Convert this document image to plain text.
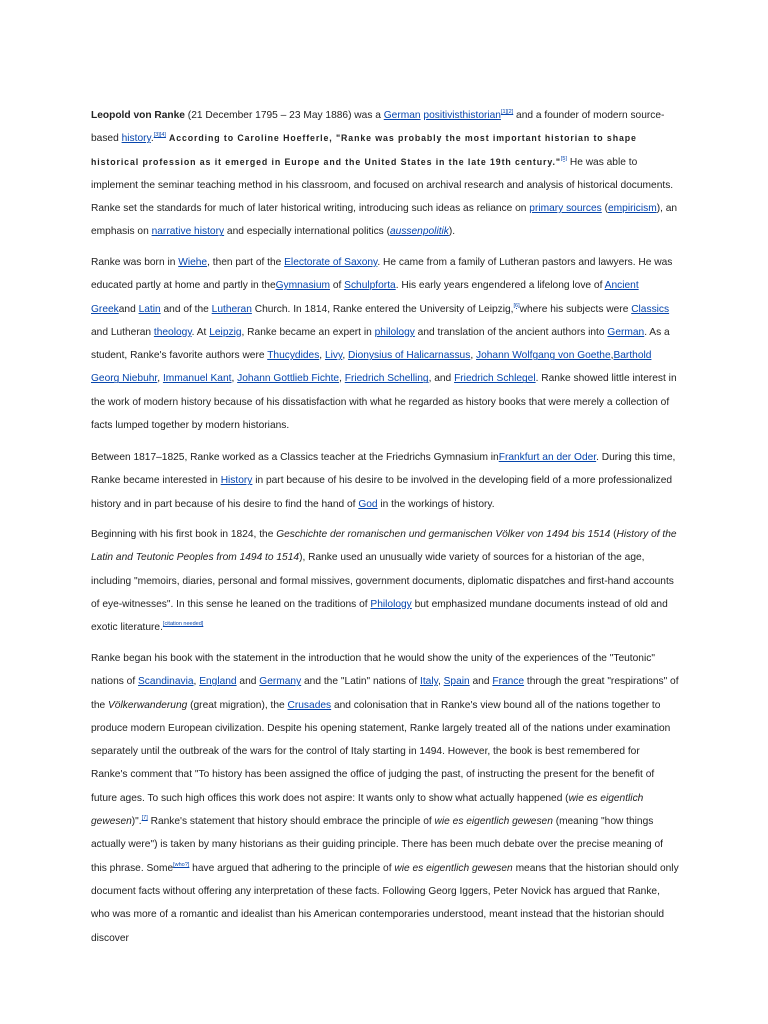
Leopold von Ranke (21 December 1795 – 23 May 1886) was a German positivisthistorian[1][2] and a founder of modern source-based history.[3][4] According to Caroline Hoefferle, "Ranke was probably the most important historian to shape historical profession as it emerged in Europe and the United States in the late 19th century."[5] He was able to implement the seminar teaching method in his classroom, and focused on archival research and analysis of historical documents. Ranke set the standards for much of later historical writing, introducing such ideas as reliance on primary sources (empiricism), an emphasis on narrative history and especially international politics (aussenpolitik).

Ranke was born in Wiehe, then part of the Electorate of Saxony. He came from a family of Lutheran pastors and lawyers. He was educated partly at home and partly in theGymnasium of Schulpforta. His early years engendered a lifelong love of Ancient Greekand Latin and of the Lutheran Church. In 1814, Ranke entered the University of Leipzig,[6]where his subjects were Classics and Lutheran theology. At Leipzig, Ranke became an expert in philology and translation of the ancient authors into German. As a student, Ranke's favorite authors were Thucydides, Livy, Dionysius of Halicarnassus, Johann Wolfgang von Goethe,Barthold Georg Niebuhr, Immanuel Kant, Johann Gottlieb Fichte, Friedrich Schelling, and Friedrich Schlegel. Ranke showed little interest in the work of modern history because of his dissatisfaction with what he regarded as history books that were merely a collection of facts lumped together by modern historians.

Between 1817–1825, Ranke worked as a Classics teacher at the Friedrichs Gymnasium inFrankfurt an der Oder. During this time, Ranke became interested in History in part because of his desire to be involved in the developing field of a more professionalized history and in part because of his desire to find the hand of God in the workings of history.

Beginning with his first book in 1824, the Geschichte der romanischen und germanischen Völker von 1494 bis 1514 (History of the Latin and Teutonic Peoples from 1494 to 1514), Ranke used an unusually wide variety of sources for a historian of the age, including "memoirs, diaries, personal and formal missives, government documents, diplomatic dispatches and first-hand accounts of eye-witnesses". In this sense he leaned on the traditions of Philology but emphasized mundane documents instead of old and exotic literature.[citation needed]

Ranke began his book with the statement in the introduction that he would show the unity of the experiences of the "Teutonic" nations of Scandinavia, England and Germany and the "Latin" nations of Italy, Spain and France through the great "respirations" of the Völkerwanderung (great migration), the Crusades and colonisation that in Ranke's view bound all of the nations together to produce modern European civilization. Despite his opening statement, Ranke largely treated all of the nations under examination separately until the outbreak of the wars for the control of Italy starting in 1494. However, the book is best remembered for Ranke's comment that "To history has been assigned the office of judging the past, of instructing the present for the benefit of future ages. To such high offices this work does not aspire: It wants only to show what actually happened (wie es eigentlich gewesen)".[7] Ranke's statement that history should embrace the principle of wie es eigentlich gewesen (meaning "how things actually were") is taken by many historians as their guiding principle. There has been much debate over the precise meaning of this phrase. Some[who?] have argued that adhering to the principle of wie es eigentlich gewesen means that the historian should only document facts without offering any interpretation of these facts. Following Georg Iggers, Peter Novick has argued that Ranke, who was more of a romantic and idealist than his American contemporaries understood, meant instead that the historian should discover
